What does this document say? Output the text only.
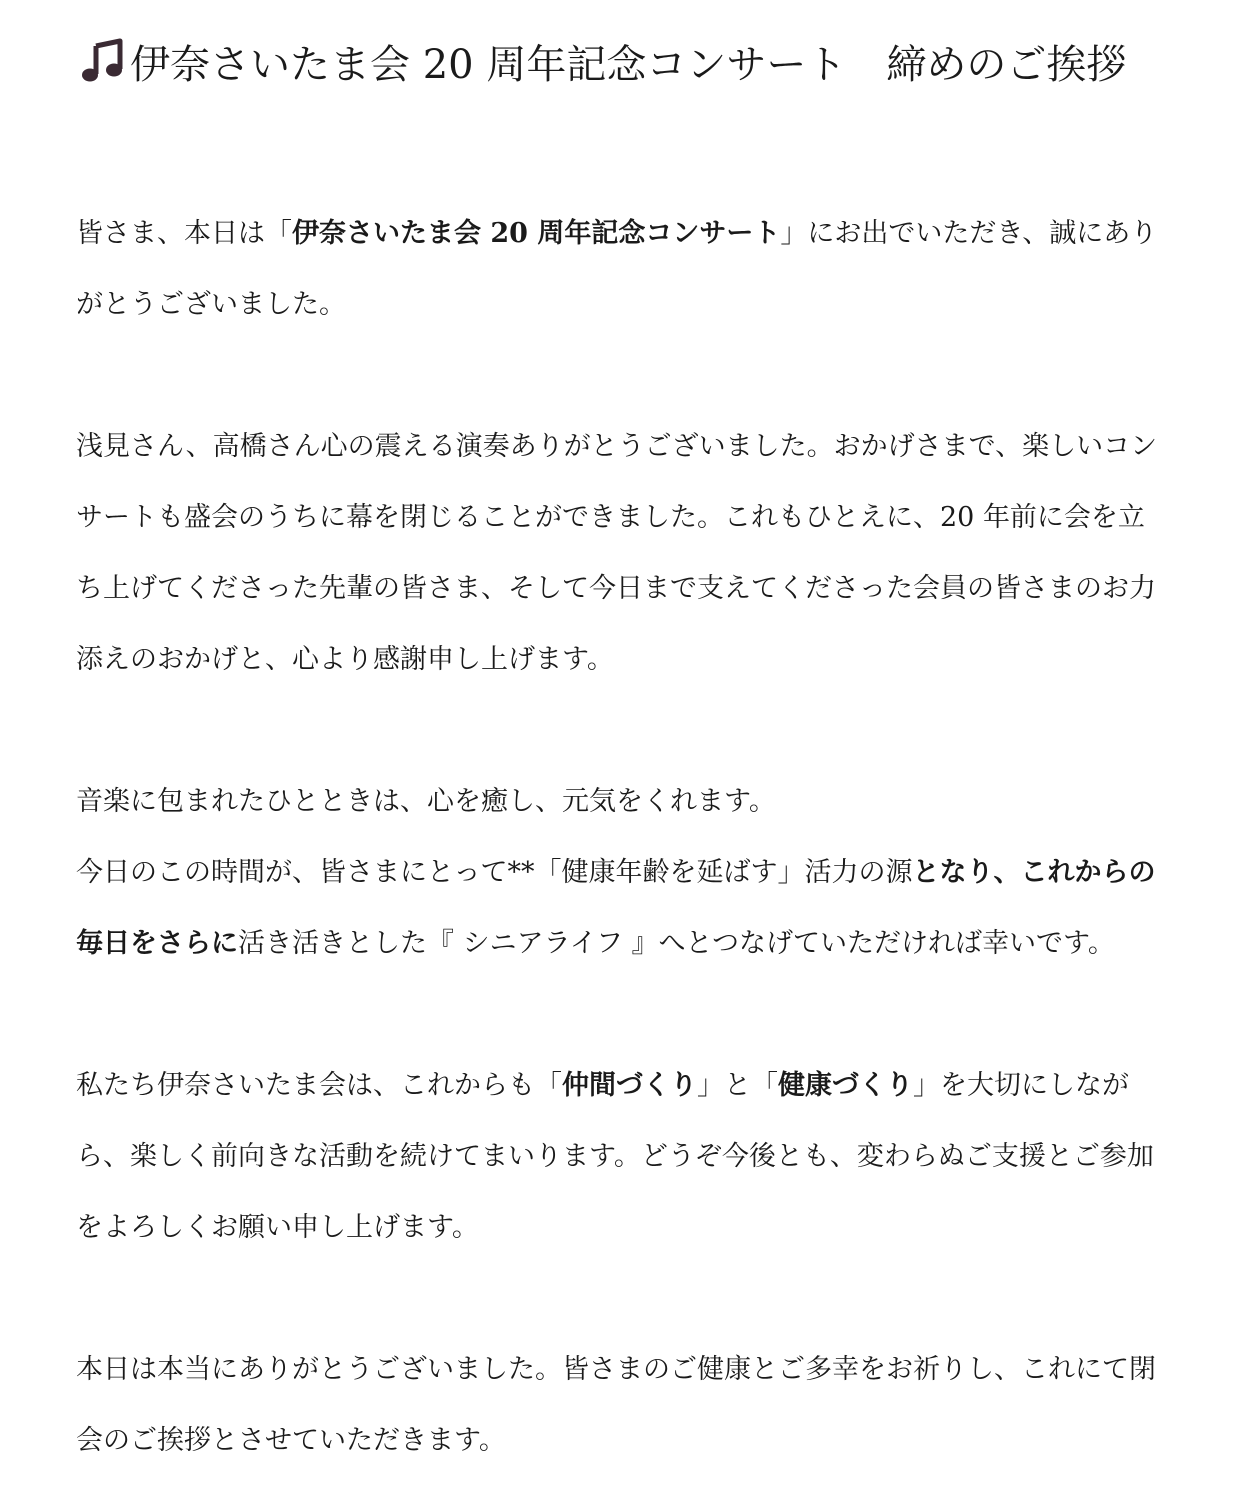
伊奈さいたま会 20 周年記念コンサート　締めのご挨拶

皆さま、本日は「伊奈さいたま会 20 周年記念コンサート」にお出でいただき、誠にありがとうございました。

浅見さん、高橋さん心の震える演奏ありがとうございました。おかげさまで、楽しいコンサートも盛会のうちに幕を閉じることができました。これもひとえに、20 年前に会を立ち上げてくださった先輩の皆さま、そして今日まで支えてくださった会員の皆さまのお力添えのおかげと、心より感謝申し上げます。

音楽に包まれたひとときは、心を癒し、元気をくれます。

今日のこの時間が、皆さまにとって**「健康年齢を延ばす」活力の源となり、これからの毎日をさらに活き活きとした『 シニアライフ 』へとつなげていただければ幸いです。

私たち伊奈さいたま会は、これからも「仲間づくり」と「健康づくり」を大切にしながら、楽しく前向きな活動を続けてまいります。どうぞ今後とも、変わらぬご支援とご参加をよろしくお願い申し上げます。

本日は本当にありがとうございました。皆さまのご健康とご多幸をお祈りし、これにて閉会のご挨拶とさせていただきます。
